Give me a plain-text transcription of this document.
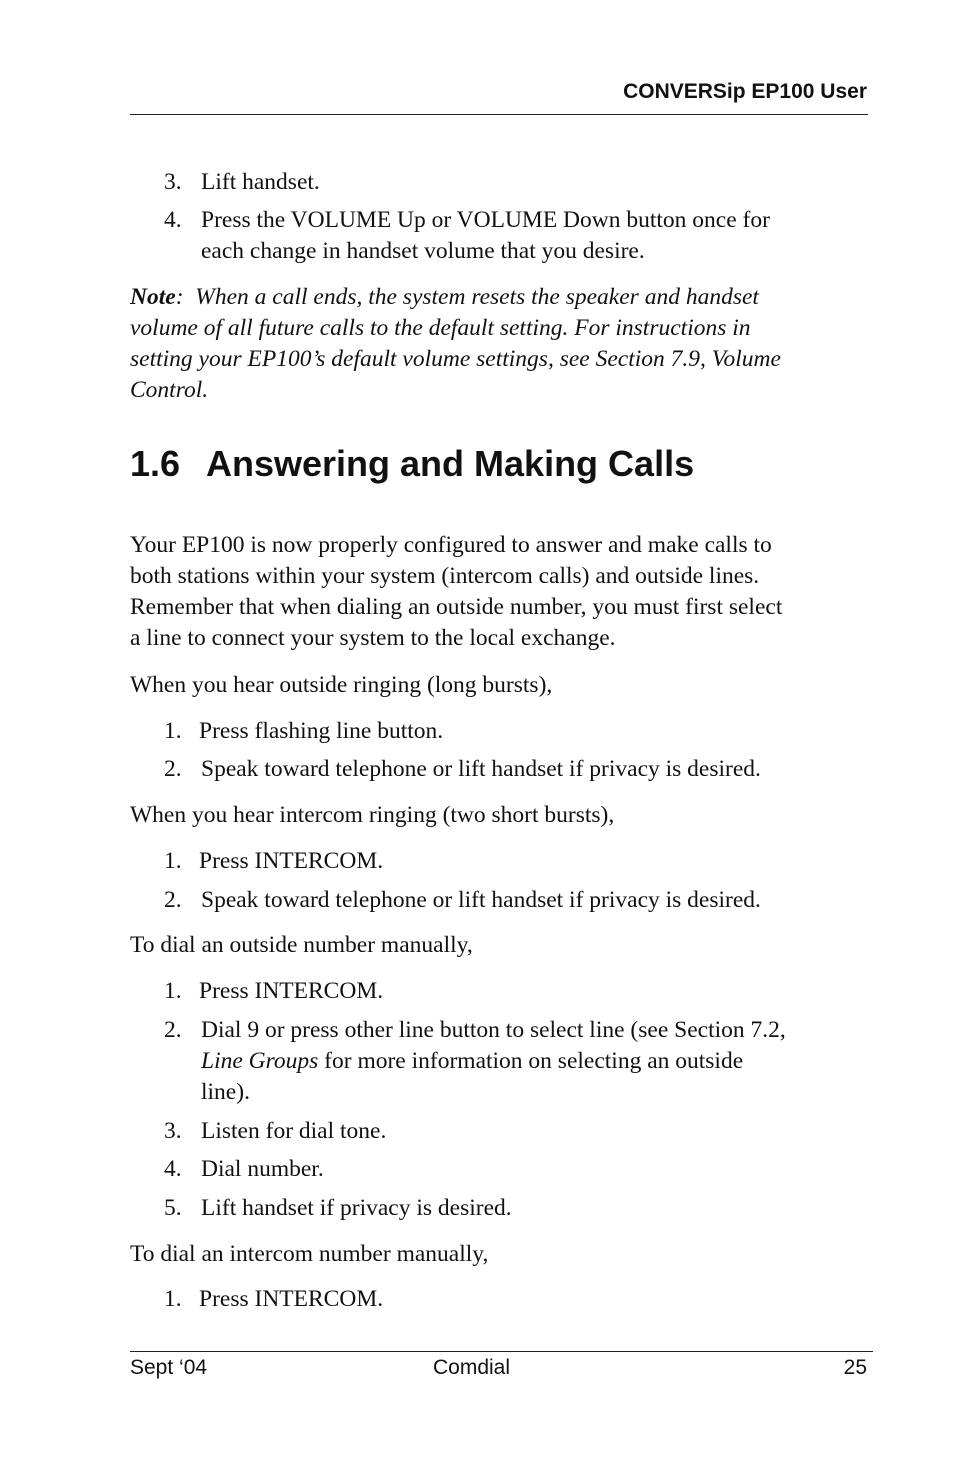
CONVERSip EP100 User
3. Lift handset.
4. Press the VOLUME Up or VOLUME Down button once for
each change in handset volume that you desire.
Note: When a call ends, the system resets the speaker and handset
volume of all future calls to the default setting. For instructions in
setting your EP100’s default volume settings, see Section 7.9, Volume
Control.
1.6 Answering and Making Calls
Your EP100 is now properly configured to answer and make calls to
both stations within your system (intercom calls) and outside lines.
Remember that when dialing an outside number, you must first select
a line to connect your system to the local exchange.
When you hear outside ringing (long bursts),
1. Press flashing line button.
2. Speak toward telephone or lift handset if privacy is desired.
When you hear intercom ringing (two short bursts),
1. Press INTERCOM.
2. Speak toward telephone or lift handset if privacy is desired.
To dial an outside number manually,
1. Press INTERCOM.
2. Dial 9 or press other line button to select line (see Section 7.2,
Line Groups for more information on selecting an outside
line).
3. Listen for dial tone.
4. Dial number.
5. Lift handset if privacy is desired.
To dial an intercom number manually,
1. Press INTERCOM.
Sept ‘04	Comdial	25
